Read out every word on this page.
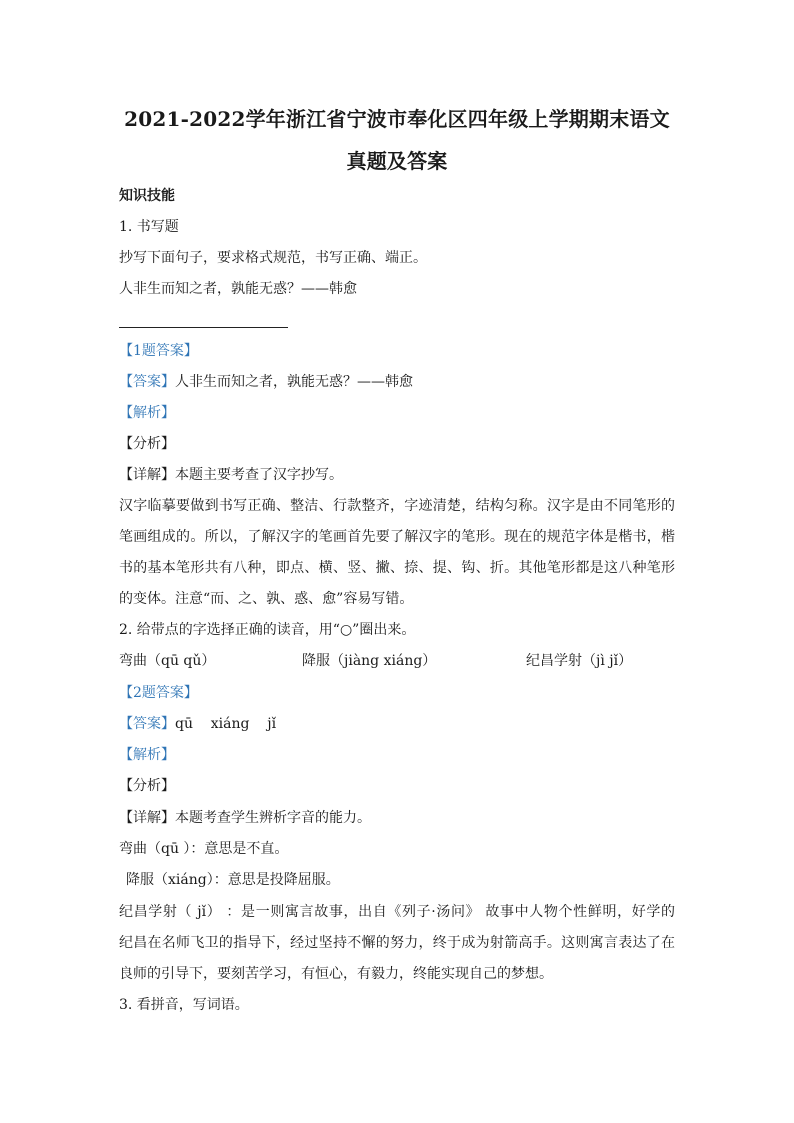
2021-2022学年浙江省宁波市奉化区四年级上学期期末语文
真题及答案
知识技能
1. 书写题
抄写下面句子，要求格式规范，书写正确、端正。
人非生而知之者，孰能无惑？——韩愈
【1题答案】
【答案】人非生而知之者，孰能无惑？——韩愈
【解析】
【分析】
【详解】本题主要考查了汉字抄写。
汉字临摹要做到书写正确、整洁、行款整齐，字迹清楚，结构匀称。汉字是由不同笔形的
笔画组成的。所以，了解汉字的笔画首先要了解汉字的笔形。现在的规范字体是楷书，楷
书的基本笔形共有八种，即点、横、竖、撇、捺、提、钩、折。其他笔形都是这八种笔形
的变体。注意“而、之、孰、惑、愈”容易写错。
2. 给带点的字选择正确的读音，用“○”圈出来。
弯曲（qū qǔ）	降服（jiàng xiáng）	纪昌学射（jì jǐ）
【2题答案】
【答案】qū    xiáng    jǐ
【解析】
【分析】
【详解】本题考查学生辨析字音的能力。
弯曲（qū ）：意思是不直。
降服（xiáng）：意思是投降屈服。
纪昌学射（ jǐ） ：是一则寓言故事，出自《列子·汤问》 故事中人物个性鲜明，好学的
纪昌在名师飞卫的指导下，经过坚持不懈的努力，终于成为射箭高手。这则寓言表达了在
良师的引导下，要刻苦学习，有恒心，有毅力，终能实现自己的梦想。
3. 看拼音，写词语。
